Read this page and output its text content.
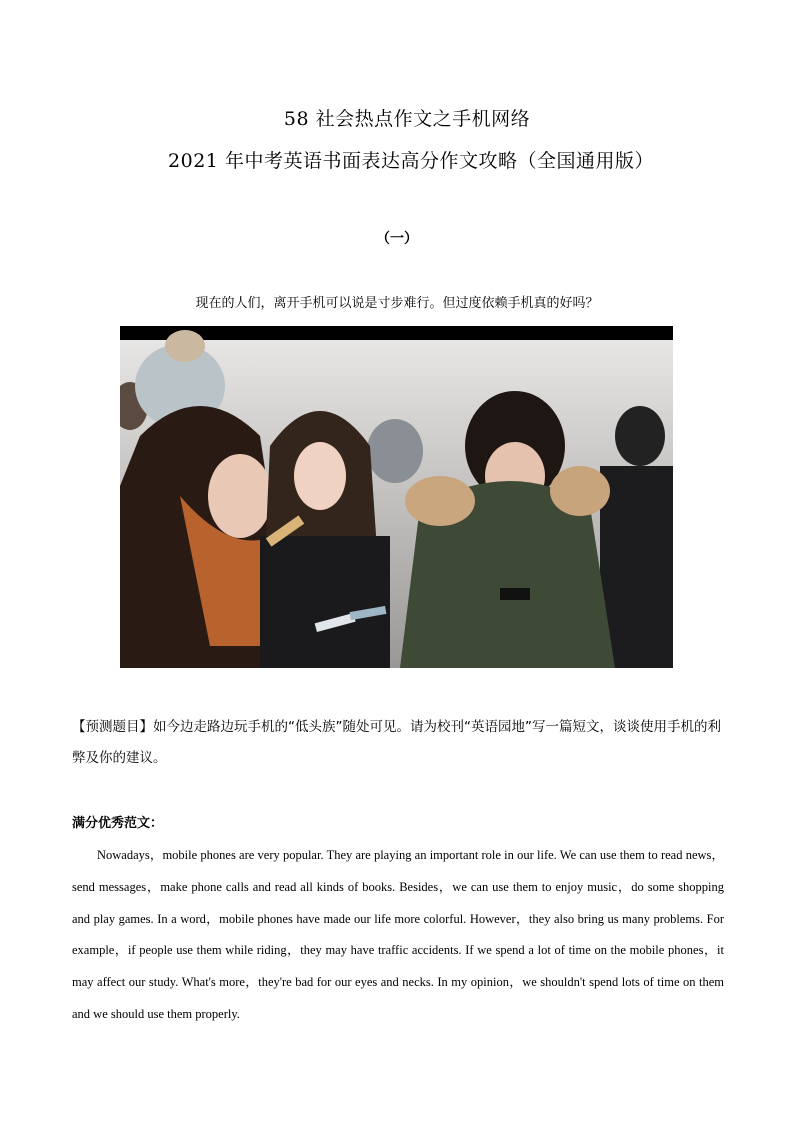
58 社会热点作文之手机网络
2021 年中考英语书面表达高分作文攻略（全国通用版）
（一）
现在的人们，离开手机可以说是寸步难行。但过度依赖手机真的好吗？
【预测题目】如今边走路边玩手机的“低头族”随处可见。请为校刊“英语园地”写一篇短文，谈谈使用手机的利弊及你的建议。
满分优秀范文：
Nowadays，mobile phones are very popular. They are playing an important role in our life. We can use them to read news，send messages，make phone calls and read all kinds of books. Besides，we can use them to enjoy music，do some shopping and play games. In a word，mobile phones have made our life more colorful. However，they also bring us many problems. For example，if people use them while riding，they may have traffic accidents. If we spend a lot of time on the mobile phones，it may affect our study. What's more，they're bad for our eyes and necks. In my opinion，we shouldn't spend lots of time on them and we should use them properly.
